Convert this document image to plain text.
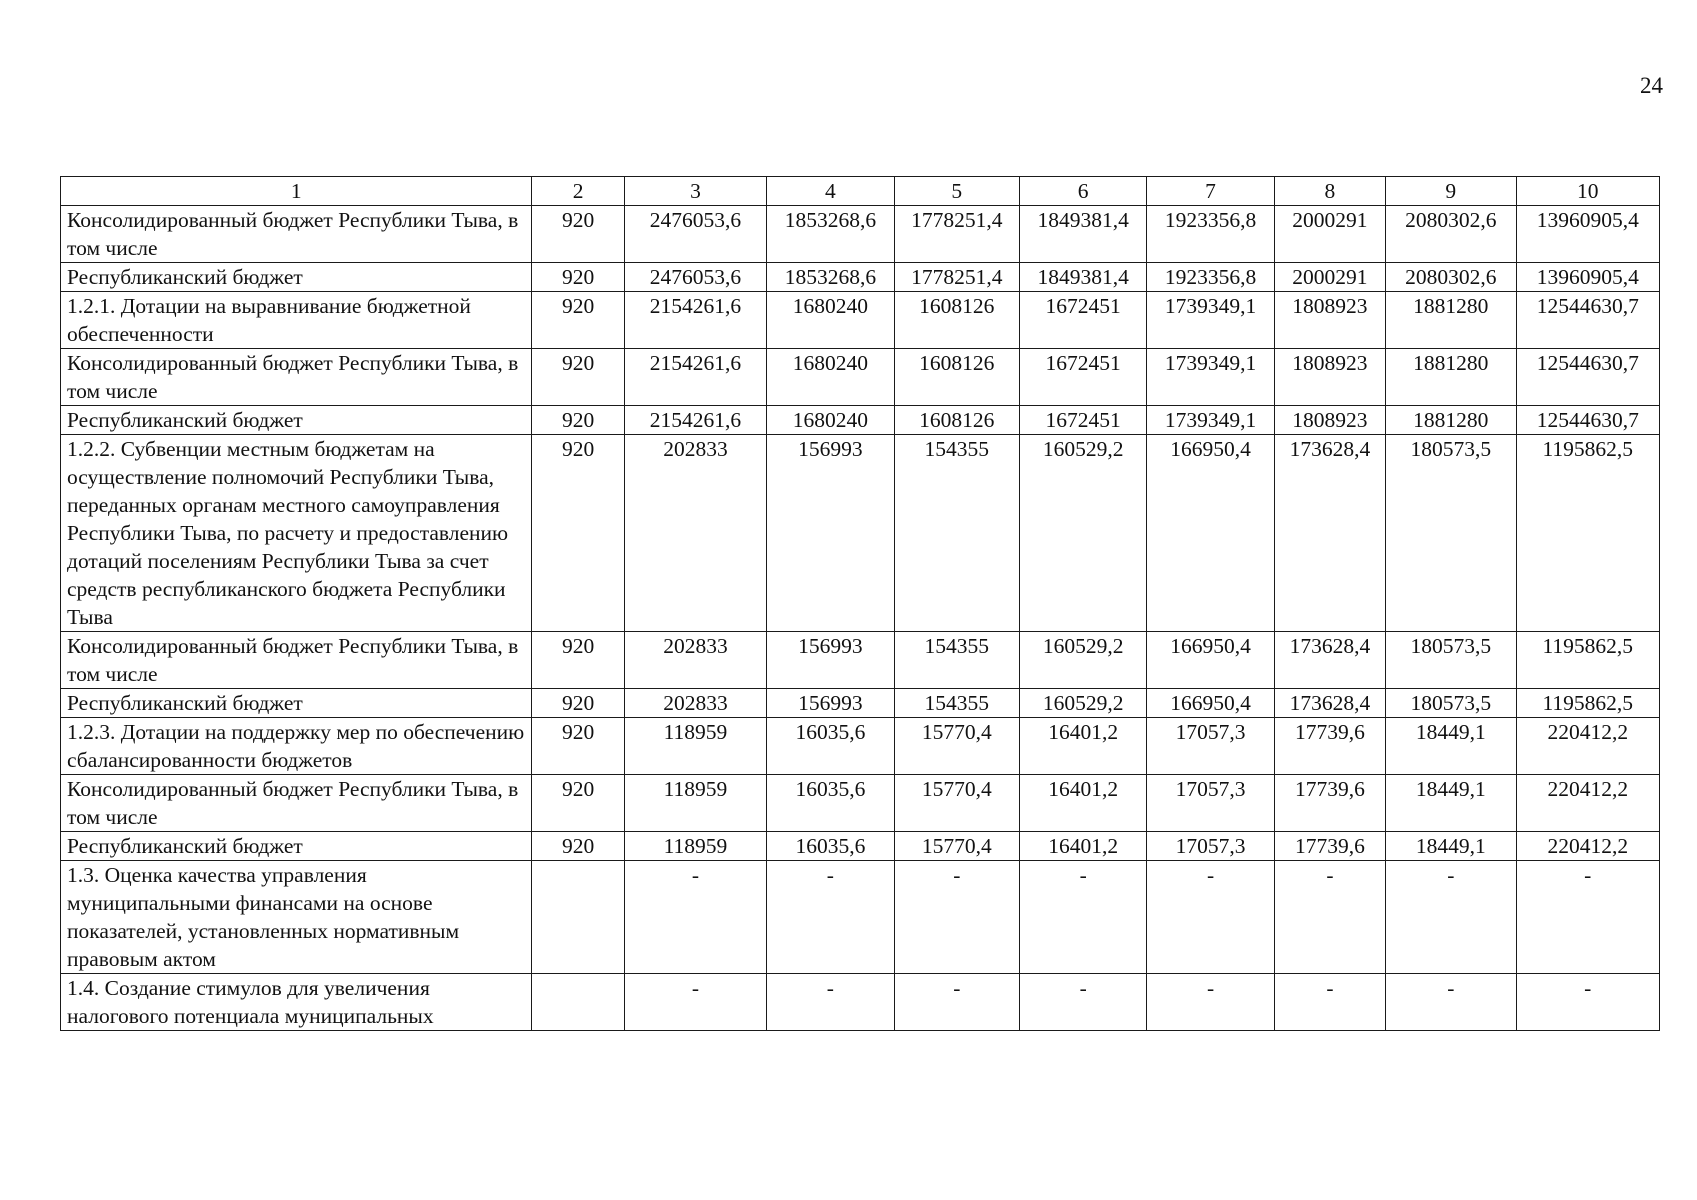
24
1	2	3	4	5	6	7	8	9	10
Консолидированный бюджет Республики Тыва, в том числе	920	2476053,6	1853268,6	1778251,4	1849381,4	1923356,8	2000291	2080302,6	13960905,4
Республиканский бюджет	920	2476053,6	1853268,6	1778251,4	1849381,4	1923356,8	2000291	2080302,6	13960905,4
1.2.1. Дотации на выравнивание бюджетной обеспеченности	920	2154261,6	1680240	1608126	1672451	1739349,1	1808923	1881280	12544630,7
Консолидированный бюджет Республики Тыва, в том числе	920	2154261,6	1680240	1608126	1672451	1739349,1	1808923	1881280	12544630,7
Республиканский бюджет	920	2154261,6	1680240	1608126	1672451	1739349,1	1808923	1881280	12544630,7
1.2.2. Субвенции местным бюджетам на осуществление полномочий Республики Тыва, переданных органам местного самоуправления Республики Тыва, по расчету и предоставлению дотаций поселениям Республики Тыва за счет средств республиканского бюджета Республики Тыва	920	202833	156993	154355	160529,2	166950,4	173628,4	180573,5	1195862,5
Консолидированный бюджет Республики Тыва, в том числе	920	202833	156993	154355	160529,2	166950,4	173628,4	180573,5	1195862,5
Республиканский бюджет	920	202833	156993	154355	160529,2	166950,4	173628,4	180573,5	1195862,5
1.2.3. Дотации на поддержку мер по обеспечению сбалансированности бюджетов	920	118959	16035,6	15770,4	16401,2	17057,3	17739,6	18449,1	220412,2
Консолидированный бюджет Республики Тыва, в том числе	920	118959	16035,6	15770,4	16401,2	17057,3	17739,6	18449,1	220412,2
Республиканский бюджет	920	118959	16035,6	15770,4	16401,2	17057,3	17739,6	18449,1	220412,2
1.3. Оценка качества управления муниципальными финансами на основе показателей, установленных нормативным правовым актом		-	-	-	-	-	-	-	-
1.4. Создание стимулов для увеличения налогового потенциала муниципальных		-	-	-	-	-	-	-	-
